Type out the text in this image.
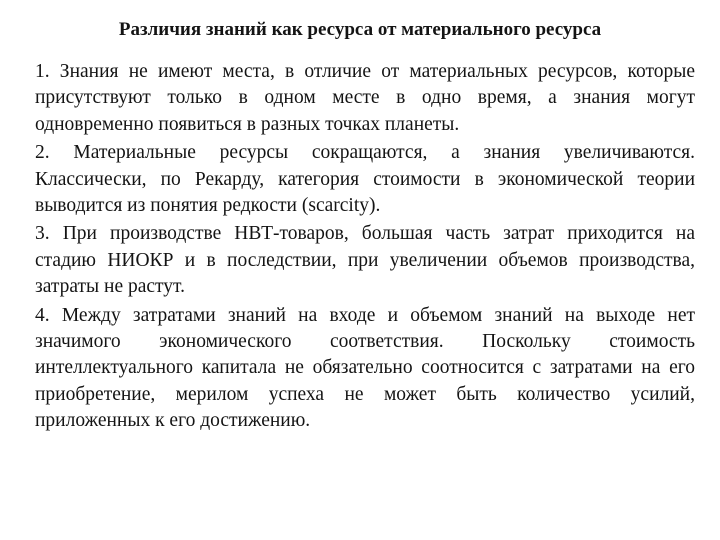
Различия знаний как ресурса от материального ресурса

1. Знания не имеют места, в отличие от материальных ресурсов, которые присутствуют только в одном месте в одно время, а знания могут одновременно появиться в разных точках планеты.

2. Материальные ресурсы сокращаются, а знания увеличиваются. Классически, по Рекарду, категория стоимости в экономической теории выводится из понятия редкости (scarcity).

3. При производстве НВТ-товаров, большая часть затрат приходится на стадию НИОКР и в последствии, при увеличении объемов производства, затраты не растут.

4. Между затратами знаний на входе и объемом знаний на выходе нет значимого экономического соответствия. Поскольку стоимость интеллектуального капитала не обязательно соотносится с затратами на его приобретение, мерилом успеха не может быть количество усилий, приложенных к его достижению.
